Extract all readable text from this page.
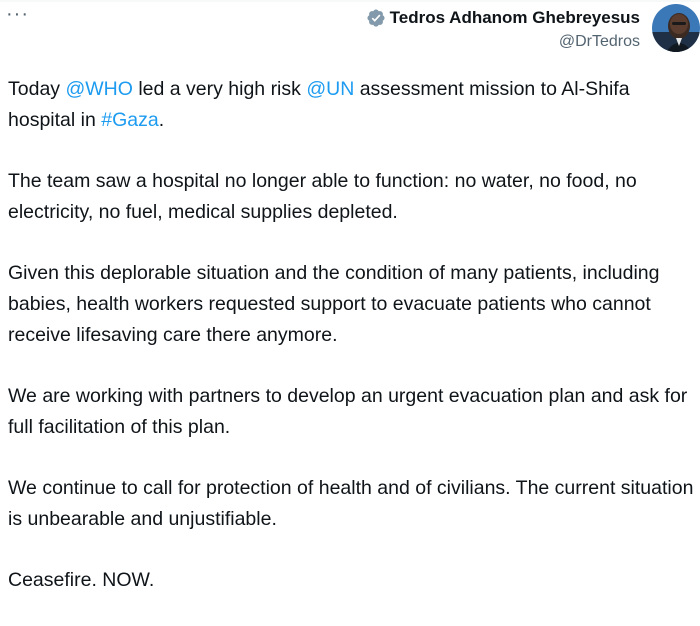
···	Tedros Adhanom Ghebreyesus
@DrTedros

Today @WHO led a very high risk @UN assessment mission to Al-Shifa hospital in #Gaza.

The team saw a hospital no longer able to function: no water, no food, no electricity, no fuel, medical supplies depleted.

Given this deplorable situation and the condition of many patients, including babies, health workers requested support to evacuate patients who cannot receive lifesaving care there anymore.

We are working with partners to develop an urgent evacuation plan and ask for full facilitation of this plan.

We continue to call for protection of health and of civilians. The current situation is unbearable and unjustifiable.

Ceasefire. NOW.
